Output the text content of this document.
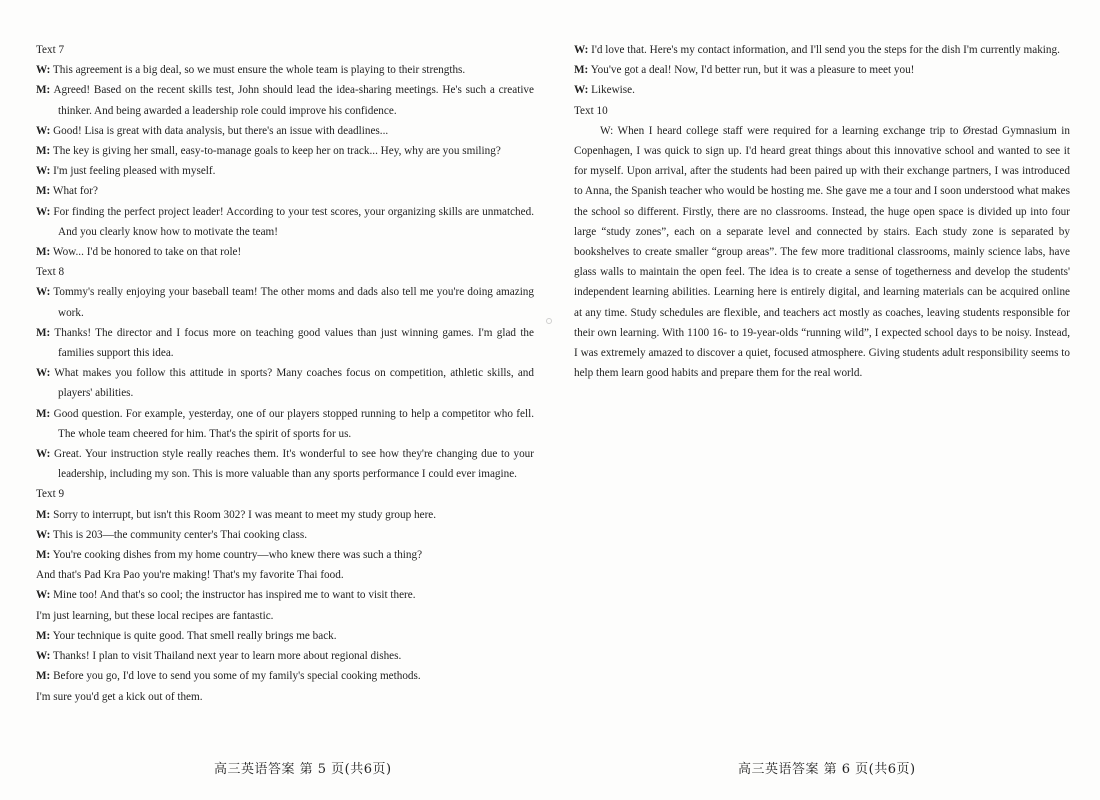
Text 7

W: This agreement is a big deal, so we must ensure the whole team is playing to their strengths.

M: Agreed! Based on the recent skills test, John should lead the idea-sharing meetings. He's such a creative thinker. And being awarded a leadership role could improve his confidence.

W: Good! Lisa is great with data analysis, but there's an issue with deadlines...

M: The key is giving her small, easy-to-manage goals to keep her on track... Hey, why are you smiling?

W: I'm just feeling pleased with myself.

M: What for?

W: For finding the perfect project leader! According to your test scores, your organizing skills are unmatched. And you clearly know how to motivate the team!

M: Wow... I'd be honored to take on that role!

Text 8

W: Tommy's really enjoying your baseball team! The other moms and dads also tell me you're doing amazing work.

M: Thanks! The director and I focus more on teaching good values than just winning games. I'm glad the families support this idea.

W: What makes you follow this attitude in sports? Many coaches focus on competition, athletic skills, and players' abilities.

M: Good question. For example, yesterday, one of our players stopped running to help a competitor who fell. The whole team cheered for him. That's the spirit of sports for us.

W: Great. Your instruction style really reaches them. It's wonderful to see how they're changing due to your leadership, including my son. This is more valuable than any sports performance I could ever imagine.

Text 9

M: Sorry to interrupt, but isn't this Room 302? I was meant to meet my study group here.

W: This is 203—the community center's Thai cooking class.

M: You're cooking dishes from my home country—who knew there was such a thing?
And that's Pad Kra Pao you're making! That's my favorite Thai food.

W: Mine too! And that's so cool; the instructor has inspired me to want to visit there.
I'm just learning, but these local recipes are fantastic.

M: Your technique is quite good. That smell really brings me back.

W: Thanks! I plan to visit Thailand next year to learn more about regional dishes.

M: Before you go, I'd love to send you some of my family's special cooking methods.
I'm sure you'd get a kick out of them.

W: I'd love that. Here's my contact information, and I'll send you the steps for the dish I'm currently making.

M: You've got a deal! Now, I'd better run, but it was a pleasure to meet you!

W: Likewise.

Text 10

W: When I heard college staff were required for a learning exchange trip to Ørestad Gymnasium in Copenhagen, I was quick to sign up. I'd heard great things about this innovative school and wanted to see it for myself. Upon arrival, after the students had been paired up with their exchange partners, I was introduced to Anna, the Spanish teacher who would be hosting me. She gave me a tour and I soon understood what makes the school so different. Firstly, there are no classrooms. Instead, the huge open space is divided up into four large “study zones”, each on a separate level and connected by stairs. Each study zone is separated by bookshelves to create smaller “group areas”. The few more traditional classrooms, mainly science labs, have glass walls to maintain the open feel. The idea is to create a sense of togetherness and develop the students' independent learning abilities. Learning here is entirely digital, and learning materials can be acquired online at any time. Study schedules are flexible, and teachers act mostly as coaches, leaving students responsible for their own learning. With 1100 16- to 19-year-olds “running wild”, I expected school days to be noisy. Instead, I was extremely amazed to discover a quiet, focused atmosphere. Giving students adult responsibility seems to help them learn good habits and prepare them for the real world.

高三英语答案 第 5 页(共6页)	高三英语答案 第 6 页(共6页)
